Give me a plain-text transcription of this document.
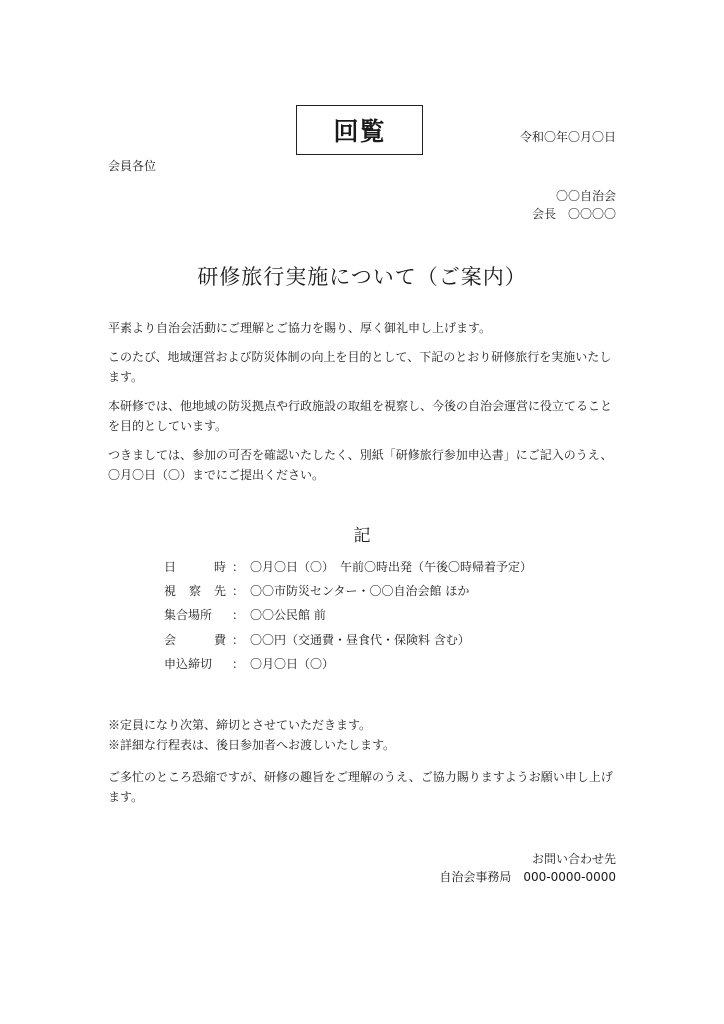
回覧	令和〇年〇月〇日
会員各位
〇〇自治会
会長 〇〇〇〇
研修旅行実施について（ご案内）

平素より自治会活動にご理解とご協力を賜り、厚く御礼申し上げます。

このたび、地域運営および防災体制の向上を目的として、下記のとおり研修旅行を実施いたします。

本研修では、他地域の防災拠点や行政施設の取組を視察し、今後の自治会運営に役立てることを目的としています。

つきましては、参加の可否を確認いたしたく、別紙「研修旅行参加申込書」にご記入のうえ、〇月〇日（〇）までにご提出ください。

記
日	時 ： 〇月〇日（〇）　午前〇時出発（午後〇時帰着予定）
視 察 先 ： 〇〇市防災センター・〇〇自治会館 ほか
集合場所	： 〇〇公民館 前
会	費 ： 〇〇円（交通費・昼食代・保険料 含む）
申込締切	： 〇月〇日（〇）
※定員になり次第、締切とさせていただきます。
※詳細な行程表は、後日参加者へお渡しいたします。
ご多忙のところ恐縮ですが、研修の趣旨をご理解のうえ、ご協力賜りますようお願い申し上げます。
お問い合わせ先
自治会事務局 000-0000-0000
